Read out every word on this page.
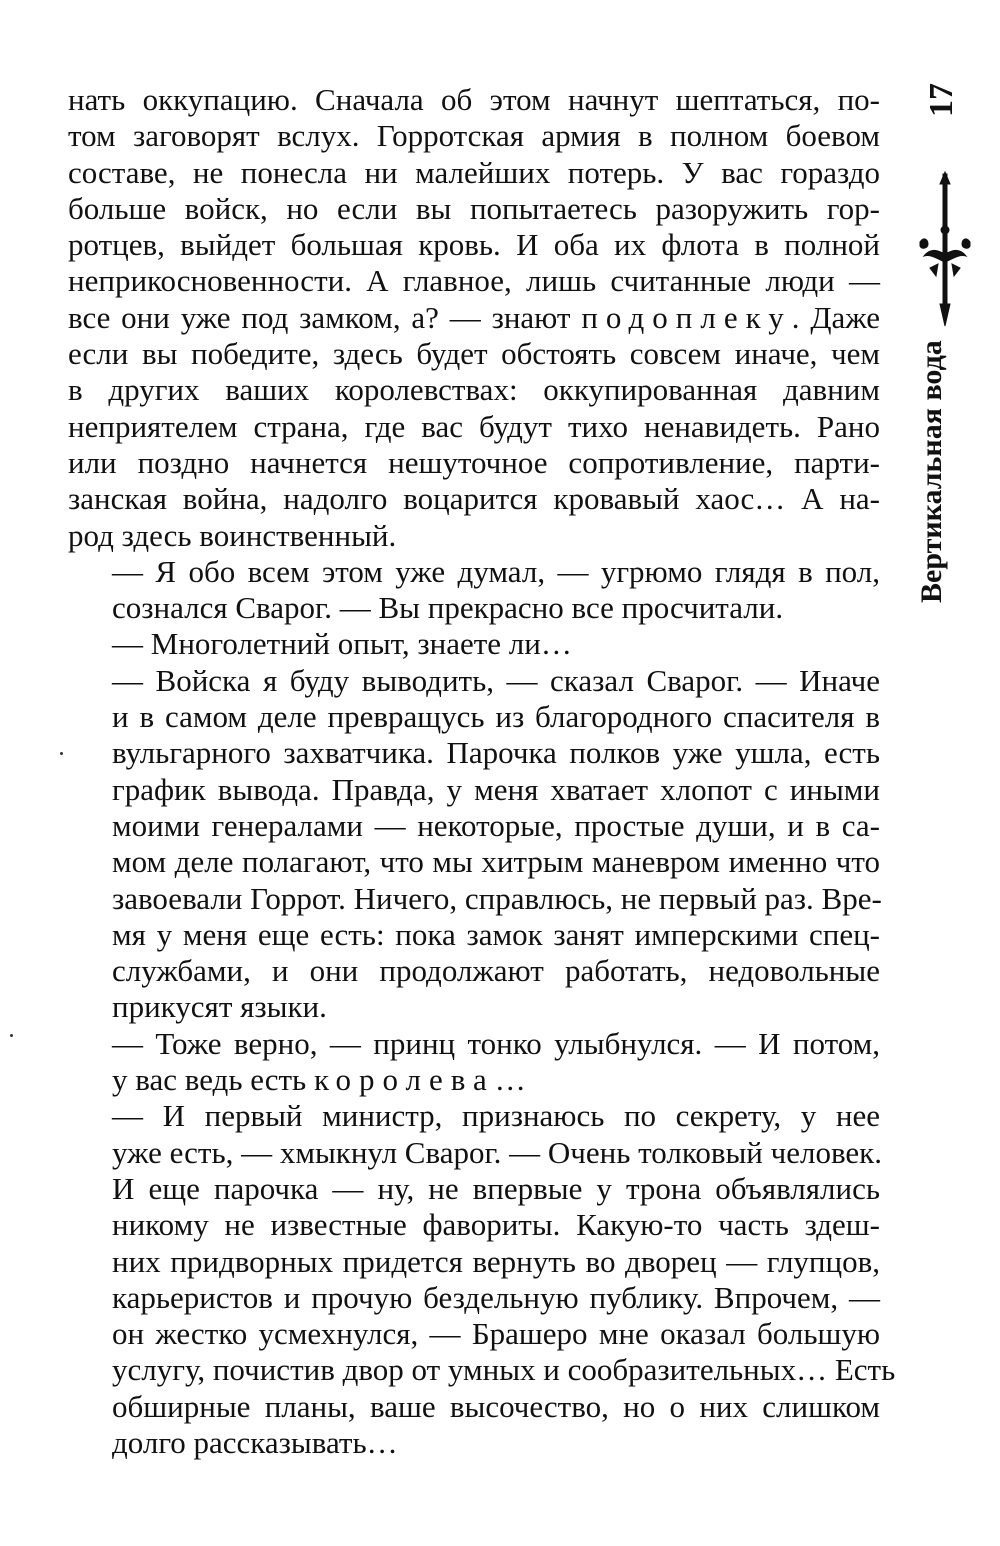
нать оккупацию. Сначала об этом начнут шептаться, по-
том заговорят вслух. Горротская армия в полном боевом
составе, не понесла ни малейших потерь. У вас гораздо
больше войск, но если вы попытаетесь разоружить гор-
ротцев, выйдет большая кровь. И оба их флота в полной
неприкосновенности. А главное, лишь считанные люди —
все они уже под замком, а? — знают подоплеку. Даже
если вы победите, здесь будет обстоять совсем иначе, чем
в других ваших королевствах: оккупированная давним
неприятелем страна, где вас будут тихо ненавидеть. Рано
или поздно начнется нешуточное сопротивление, парти-
занская война, надолго воцарится кровавый хаос… А на-
род здесь воинственный.

— Я обо всем этом уже думал, — угрюмо глядя в пол,
сознался Сварог. — Вы прекрасно все просчитали.

— Многолетний опыт, знаете ли…

— Войска я буду выводить, — сказал Сварог. — Иначе
и в самом деле превращусь из благородного спасителя в
вульгарного захватчика. Парочка полков уже ушла, есть
график вывода. Правда, у меня хватает хлопот с иными
моими генералами — некоторые, простые души, и в са-
мом деле полагают, что мы хитрым маневром именно что
завоевали Горрот. Ничего, справлюсь, не первый раз. Вре-
мя у меня еще есть: пока замок занят имперскими спец-
службами, и они продолжают работать, недовольные
прикусят языки.

— Тоже верно, — принц тонко улыбнулся. — И потом,
у вас ведь есть королева…

— И первый министр, признаюсь по секрету, у нее
уже есть, — хмыкнул Сварог. — Очень толковый человек.
И еще парочка — ну, не впервые у трона объявлялись
никому не известные фавориты. Какую-то часть здеш-
них придворных придется вернуть во дворец — глупцов,
карьеристов и прочую бездельную публику. Впрочем, —
он жестко усмехнулся, — Брашеро мне оказал большую
услугу, почистив двор от умных и сообразительных… Есть
обширные планы, ваше высочество, но о них слишком
долго рассказывать…

17
Вертикальная вода
